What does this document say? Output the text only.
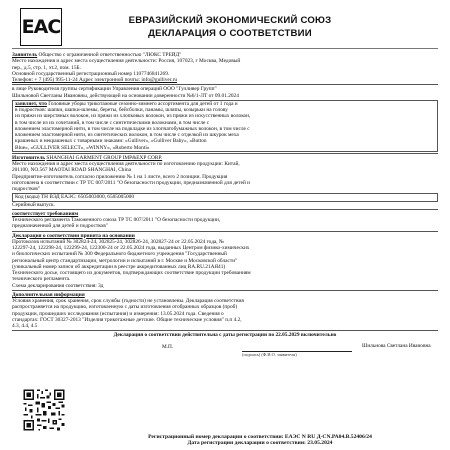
EAC	ЕВРАЗИЙСКИЙ ЭКОНОМИЧЕСКИЙ СОЮЗ
ДЕКЛАРАЦИЯ О СООТВЕТСТВИИ
Заявитель Общество с ограниченной ответственностью "ЛЮКС ТРЕЙД"
Место нахождения и адрес места осуществления деятельности: Россия, 107023, г Москва, Медовый
пер., д.5, стр. 1, эт.2, пом. 15Б.
Основной государственный регистрационный номер 1107746841269.
Телефон: + 7 (495) 995-11-24 Адрес электронной почты: info@gulliver.ru
в лице Руководителя группы сертификации Управления операций ООО "Гулливер Групп"
Шильновой Светланы Ивановны, действующей на основании доверенности №6/1-ЛТ от 09.01.2024
заявляет, что Головные уборы трикотажные сезонно-зимнего ассортимента для детей от 1 года и
в подростков: шапки, шапки-шлемы, береты, бейсболки, панамы, шляпы, козырьки на голову
из пряжи из шерстяных волокон, из пряжи из хлопковых волокон, из пряжи из искусственных волокон,
в том числе из их сочетаний, в том числе с синтетическими волокнами, в том числе с
вложением эластомерной нити, в том числе на подкладке из хлопчатобумажных волокон, в том числе с
вложением эластомерной нити, из синтетических волокон, в том числе с отделкой из шкурок меха
крашеных и некрашеных с товарными знаками: «Gulliver», «Gulliver Baby», «Button
Blue», «GULLIVER SELECT», «WINNY», «Roberto Monti»
Изготовитель SHANGHAI GARMENT GROUP IMP&EXP CORP.
Место нахождения и адрес места осуществления деятельности по изготовлению продукции: Китай,
201100, NO.567 MAOTAI ROAD SHANGHAI, China
Предприятие-изготовитель согласно приложению № 1 на 1 листе, всего 2 позиции. Продукция
изготовлена в соответствии с ТР ТС 007/2011 "О безопасности продукции, предназначенной для детей и
подростков"
Код (коды) ТН ВЭД ЕАЭС: 6505003000, 6505005000
Серийный выпуск.
соответствует требованиям
Технического регламента Таможенного союза ТР ТС 007/2011 "О безопасности продукции,
предназначенной для детей и подростков"
Декларация о соответствии принята на основании
Протоколов испытаний № 302824-24, 302825-24, 302826-24, 302827-24 от 22.05.2024 года, №
122297-24, 122298-24, 122299-24, 122300-24 от 22.05.2024 года, выданных Центром физико-химических
и биологических испытаний № 300 Федерального бюджетного учреждения "Государственный
региональный центр стандартизации, метрологии и испытаний в г. Москве и Московской области"
(уникальный номер записи об аккредитации в реестре аккредитованных лиц RA.RU.21АЯ41)
Технического досье, состоящего из документов, подтверждающих соответствие продукции требованиям
технического регламента.
Схема декларирования соответствия: 3д
Дополнительная информация
Условия хранения, срок хранения, срок службы (годности) не установлены. Декларация соответствия
распространяется на продукцию, изготовленную с даты изготовления отобранных образцов (проб)
продукции, прошедших исследования (испытания) и измерения: 13.05.2024 года. Сведения о
стандартах: ГОСТ 30327-2013 "Изделия трикотажные детские. Общие технические условия" п.п 4.2,
4.3, 4.4, 4.5
Декларация о соответствии действительна с даты регистрации по 22.05.2029 включительно
М.П.	Шильнова Светлана Ивановна
(подпись) (Ф.И.О. заявителя)
Регистрационный номер декларации о соответствии: ЕАЭС N RU Д-CN.РА04.В.52406/24
Дата регистрации декларации о соответствии: 23.05.2024
